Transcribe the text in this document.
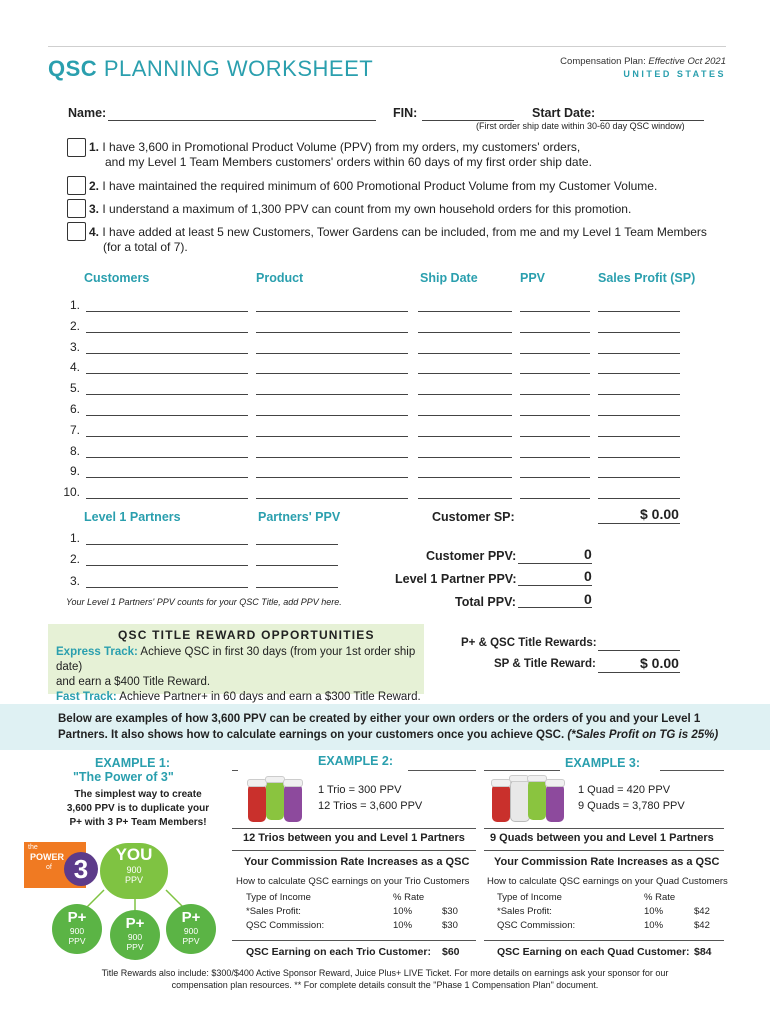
QSC PLANNING WORKSHEET	Compensation Plan: Effective Oct 2021
UNITED STATES
Name:	FIN:	Start Date:
(First order ship date within 30-60 day QSC window)
1. I have 3,600 in Promotional Product Volume (PPV) from my orders, my customers' orders,
and my Level 1 Team Members customers' orders within 60 days of my first order ship date.
2. I have maintained the required minimum of 600 Promotional Product Volume from my Customer Volume.
3. I understand a maximum of 1,300 PPV can count from my own household orders for this promotion.
4. I have added at least 5 new Customers, Tower Gardens can be included, from me and my Level 1 Team Members
(for a total of 7).
Customers	Product	Ship Date	PPV	Sales Profit (SP)
1.
2.
3.
4.
5.
6.
7.
8.
9.
10.
Level 1 Partners	Partners' PPV
1.
2.
3.
Your Level 1 Partners' PPV counts for your QSC Title, add PPV here.
Customer SP:	$ 0.00
Customer PPV:	0
Level 1 Partner PPV:	0
Total PPV:	0
P+ & QSC Title Rewards:
SP & Title Reward:	$ 0.00
QSC TITLE REWARD OPPORTUNITIES
Express Track: Achieve QSC in first 30 days (from your 1st order ship date)
and earn a $400 Title Reward.
Fast Track: Achieve Partner+ in 60 days and earn a $300 Title Reward.
Below are examples of how 3,600 PPV can be created by either your own orders or the orders of you and your Level 1
Partners. It also shows how to calculate earnings on your customers once you achieve QSC. (*Sales Profit on TG is 25%)
EXAMPLE 1:
"The Power of 3"
The simplest way to create
3,600 PPV is to duplicate your
P+ with 3 P+ Team Members!
the
POWER
of 3	YOU
900
PPV
P+
900
PPV
P+
900
PPV
P+
900
PPV
EXAMPLE 2:
1 Trio = 300 PPV
12 Trios = 3,600 PPV
12 Trios between you and Level 1 Partners
Your Commission Rate Increases as a QSC
How to calculate QSC earnings on your Trio Customers
Type of Income	% Rate
*Sales Profit:	10%	$30
QSC Commission:	10%	$30
QSC Earning on each Trio Customer: $60
EXAMPLE 3:
1 Quad = 420 PPV
9 Quads = 3,780 PPV
9 Quads between you and Level 1 Partners
Your Commission Rate Increases as a QSC
How to calculate QSC earnings on your Quad Customers
Type of Income	% Rate
*Sales Profit:	10%	$42
QSC Commission:	10%	$42
QSC Earning on each Quad Customer: $84
Title Rewards also include: $300/$400 Active Sponsor Reward, Juice Plus+ LIVE Ticket. For more details on earnings ask your sponsor for our
compensation plan resources. ** For complete details consult the "Phase 1 Compensation Plan" document.
